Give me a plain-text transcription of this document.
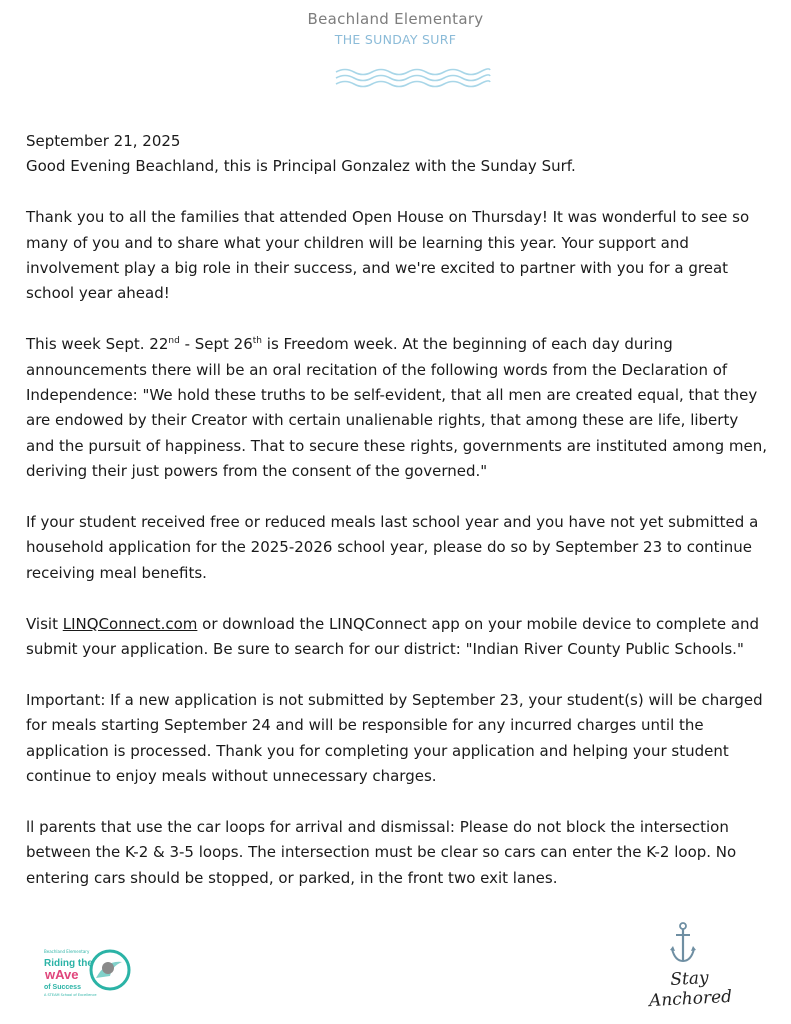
Beachland Elementary
THE SUNDAY SURF

September 21, 2025

Good Evening Beachland, this is Principal Gonzalez with the Sunday Surf.

Thank you to all the families that attended Open House on Thursday! It was wonderful to see so many of you and to share what your children will be learning this year. Your support and involvement play a big role in their success, and we're excited to partner with you for a great school year ahead!

This week Sept. 22nd - Sept 26th is Freedom week. At the beginning of each day during announcements there will be an oral recitation of the following words from the Declaration of Independence: "We hold these truths to be self-evident, that all men are created equal, that they are endowed by their Creator with certain unalienable rights, that among these are life, liberty and the pursuit of happiness. That to secure these rights, governments are instituted among men, deriving their just powers from the consent of the governed."

If your student received free or reduced meals last school year and you have not yet submitted a household application for the 2025-2026 school year, please do so by September 23 to continue receiving meal benefits.

Visit LINQConnect.com or download the LINQConnect app on your mobile device to complete and submit your application. Be sure to search for our district: "Indian River County Public Schools."

Important: If a new application is not submitted by September 23, your student(s) will be charged for meals starting September 24 and will be responsible for any incurred charges until the application is processed. Thank you for completing your application and helping your student continue to enjoy meals without unnecessary charges.

ll parents that use the car loops for arrival and dismissal: Please do not block the intersection between the K-2 & 3-5 loops. The intersection must be clear so cars can enter the K-2 loop. No entering cars should be stopped, or parked, in the front two exit lanes.

Beachland Elementary
Riding the
wAve
of Success
A STEAM School of Excellence
Stay Anchored
